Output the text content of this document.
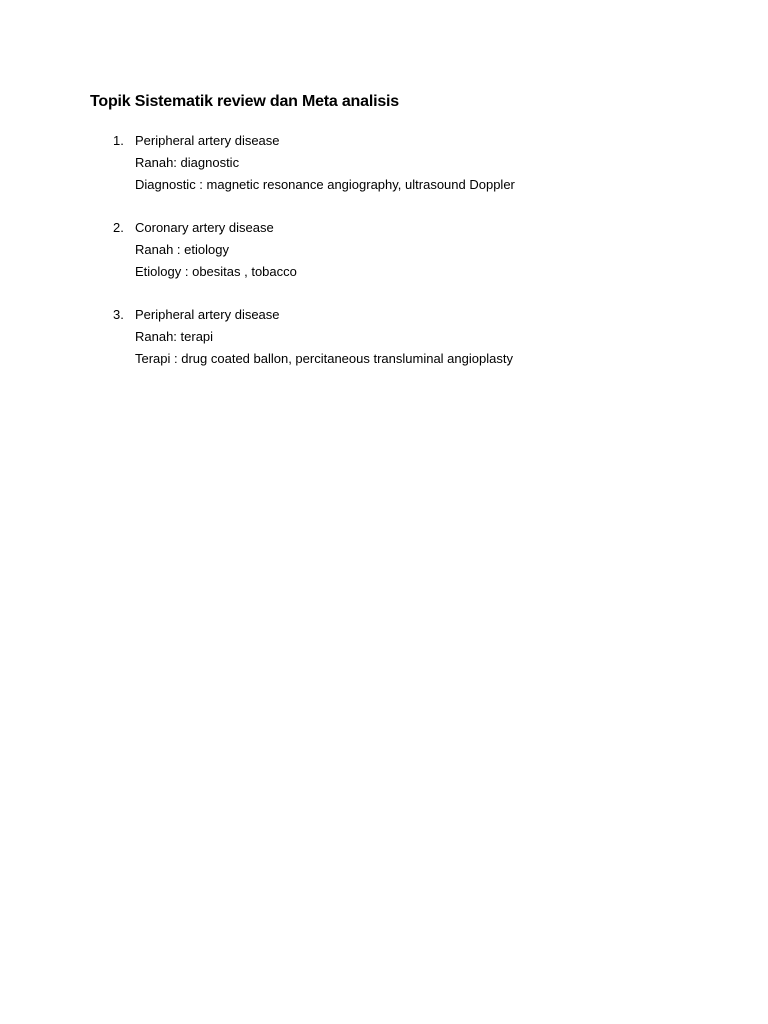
Topik Sistematik review dan Meta analisis
1. Peripheral artery disease
Ranah: diagnostic
Diagnostic : magnetic resonance angiography, ultrasound Doppler
2. Coronary artery disease
Ranah : etiology
Etiology : obesitas , tobacco
3. Peripheral artery disease
Ranah: terapi
Terapi : drug coated ballon, percitaneous transluminal angioplasty
